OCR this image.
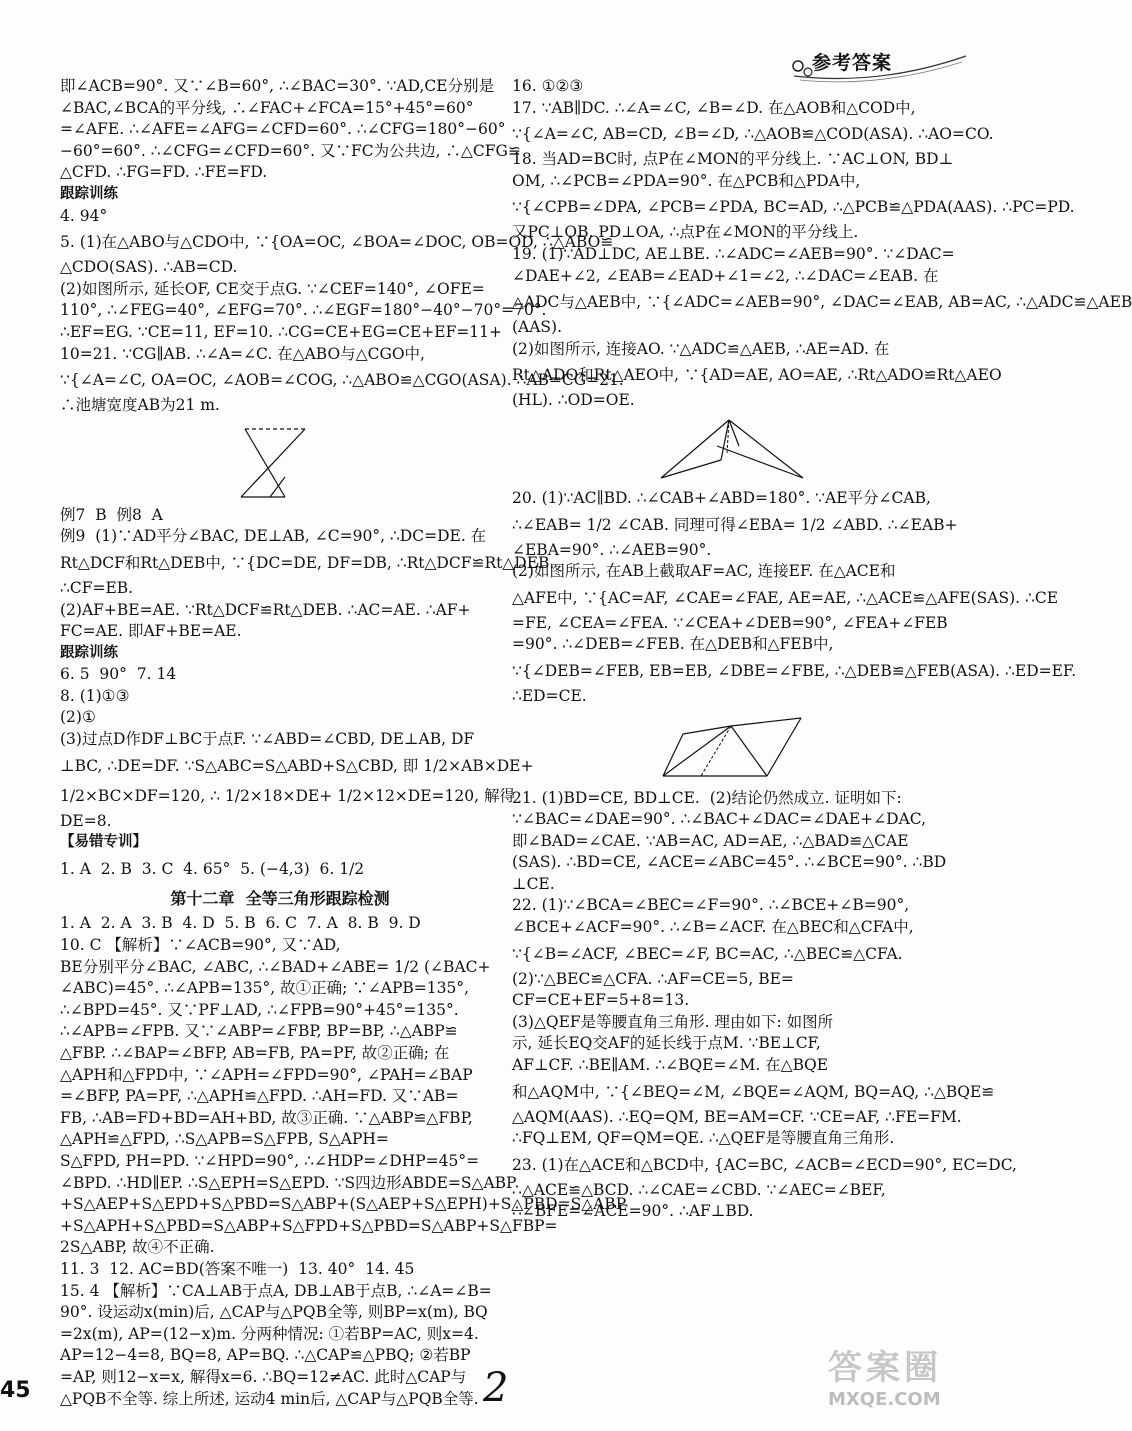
参考答案
即∠ACB=90°. 又∵∠B=60°, ∴∠BAC=30°. ∵AD,CE分别是
∠BAC,∠BCA的平分线, ∴∠FAC+∠FCA=15°+45°=60°
=∠AFE. ∴∠AFE=∠AFG=∠CFD=60°. ∴∠CFG=180°−60°
−60°=60°. ∴∠CFG=∠CFD=60°. 又∵FC为公共边, ∴△CFG≌
△CFD. ∴FG=FD. ∴FE=FD.
跟踪训练
4. 94°
5. (1)在△ABO与△CDO中, ∵{OA=OC, ∠BOA=∠DOC, OB=OD, ∴△ABO≌
△CDO(SAS). ∴AB=CD.
(2)如图所示, 延长OF, CE交于点G. ∵∠CEF=140°, ∠OFE=
110°, ∴∠FEG=40°, ∠EFG=70°. ∴∠EGF=180°−40°−70°=70°.
∴EF=EG. ∵CE=11, EF=10. ∴CG=CE+EG=CE+EF=11+
10=21. ∵CG∥AB. ∴∠A=∠C. 在△ABO与△CGO中,
∵{∠A=∠C, OA=OC, ∠AOB=∠COG, ∴△ABO≌△CGO(ASA). ∴AB=CG=21.
∴池塘宽度AB为21 m.
例7  B  例8  A
例9  (1)∵AD平分∠BAC, DE⊥AB, ∠C=90°, ∴DC=DE. 在
Rt△DCF和Rt△DEB中, ∵{DC=DE, DF=DB, ∴Rt△DCF≌Rt△DEB.
∴CF=EB.
(2)AF+BE=AE. ∵Rt△DCF≌Rt△DEB. ∴AC=AE. ∴AF+
FC=AE. 即AF+BE=AE.
跟踪训练
6. 5  90°  7. 14
8. (1)①③
(2)①
(3)过点D作DF⊥BC于点F. ∵∠ABD=∠CBD, DE⊥AB, DF
⊥BC, ∴DE=DF. ∵S△ABC=S△ABD+S△CBD, 即 1/2×AB×DE+
1/2×BC×DF=120, ∴ 1/2×18×DE+ 1/2×12×DE=120, 解得
DE=8.
【易错专训】
1. A  2. B  3. C  4. 65°  5. (−4,3)  6. 1/2
第十二章  全等三角形跟踪检测
1. A  2. A  3. B  4. D  5. B  6. C  7. A  8. B  9. D
10. C 【解析】∵∠ACB=90°, 又∵AD,
BE分别平分∠BAC, ∠ABC, ∴∠BAD+∠ABE= 1/2 (∠BAC+
∠ABC)=45°. ∴∠APB=135°, 故①正确; ∵∠APB=135°,
∴∠BPD=45°. 又∵PF⊥AD, ∴∠FPB=90°+45°=135°.
∴∠APB=∠FPB. 又∵∠ABP=∠FBP, BP=BP, ∴△ABP≌
△FBP. ∴∠BAP=∠BFP, AB=FB, PA=PF, 故②正确; 在
△APH和△FPD中, ∵∠APH=∠FPD=90°, ∠PAH=∠BAP
=∠BFP, PA=PF, ∴△APH≌△FPD. ∴AH=FD. 又∵AB=
FB, ∴AB=FD+BD=AH+BD, 故③正确. ∵△ABP≌△FBP,
△APH≌△FPD, ∴S△APB=S△FPB, S△APH=
S△FPD, PH=PD. ∵∠HPD=90°, ∴∠HDP=∠DHP=45°=
∠BPD. ∴HD∥EP. ∴S△EPH=S△EPD. ∵S四边形ABDE=S△ABP
+S△AEP+S△EPD+S△PBD=S△ABP+(S△AEP+S△EPH)+S△PBD=S△ABP
+S△APH+S△PBD=S△ABP+S△FPD+S△PBD=S△ABP+S△FBP=
2S△ABP, 故④不正确.
11. 3  12. AC=BD(答案不唯一)  13. 40°  14. 45
15. 4 【解析】∵CA⊥AB于点A, DB⊥AB于点B, ∴∠A=∠B=
90°. 设运动x(min)后, △CAP与△PQB全等, 则BP=x(m), BQ
=2x(m), AP=(12−x)m. 分两种情况: ①若BP=AC, 则x=4.
AP=12−4=8, BQ=8, AP=BQ. ∴△CAP≌△PBQ; ②若BP
=AP, 则12−x=x, 解得x=6. ∴BQ=12≠AC. 此时△CAP与
△PQB不全等. 综上所述, 运动4 min后, △CAP与△PQB全等.
16. ①②③
17. ∵AB∥DC. ∴∠A=∠C, ∠B=∠D. 在△AOB和△COD中,
∵{∠A=∠C, AB=CD, ∠B=∠D, ∴△AOB≌△COD(ASA). ∴AO=CO.
18. 当AD=BC时, 点P在∠MON的平分线上. ∵AC⊥ON, BD⊥
OM, ∴∠PCB=∠PDA=90°. 在△PCB和△PDA中,
∵{∠CPB=∠DPA, ∠PCB=∠PDA, BC=AD, ∴△PCB≌△PDA(AAS). ∴PC=PD.
又PC⊥OB, PD⊥OA, ∴点P在∠MON的平分线上.
19. (1)∵AD⊥DC, AE⊥BE. ∴∠ADC=∠AEB=90°. ∵∠DAC=
∠DAE+∠2, ∠EAB=∠EAD+∠1=∠2, ∴∠DAC=∠EAB. 在
△ADC与△AEB中, ∵{∠ADC=∠AEB=90°, ∠DAC=∠EAB, AB=AC, ∴△ADC≌△AEB
(AAS).
(2)如图所示, 连接AO. ∵△ADC≌△AEB, ∴AE=AD. 在
Rt△ADO和Rt△AEO中, ∵{AD=AE, AO=AE, ∴Rt△ADO≌Rt△AEO
(HL). ∴OD=OE.
20. (1)∵AC∥BD. ∴∠CAB+∠ABD=180°. ∵AE平分∠CAB,
∴∠EAB= 1/2 ∠CAB. 同理可得∠EBA= 1/2 ∠ABD. ∴∠EAB+
∠EBA=90°. ∴∠AEB=90°.
(2)如图所示, 在AB上截取AF=AC, 连接EF. 在△ACE和
△AFE中, ∵{AC=AF, ∠CAE=∠FAE, AE=AE, ∴△ACE≌△AFE(SAS). ∴CE
=FE, ∠CEA=∠FEA. ∵∠CEA+∠DEB=90°, ∠FEA+∠FEB
=90°. ∴∠DEB=∠FEB. 在△DEB和△FEB中,
∵{∠DEB=∠FEB, EB=EB, ∠DBE=∠FBE, ∴△DEB≌△FEB(ASA). ∴ED=EF.
∴ED=CE.
21. (1)BD=CE, BD⊥CE.  (2)结论仍然成立. 证明如下:
∵∠BAC=∠DAE=90°. ∴∠BAC+∠DAC=∠DAE+∠DAC,
即∠BAD=∠CAE. ∵AB=AC, AD=AE, ∴△BAD≌△CAE
(SAS). ∴BD=CE, ∠ACE=∠ABC=45°. ∴∠BCE=90°. ∴BD
⊥CE.
22. (1)∵∠BCA=∠BEC=∠F=90°. ∴∠BCE+∠B=90°,
∠BCE+∠ACF=90°. ∴∠B=∠ACF. 在△BEC和△CFA中,
∵{∠B=∠ACF, ∠BEC=∠F, BC=AC, ∴△BEC≌△CFA.
(2)∵△BEC≌△CFA. ∴AF=CE=5, BE=
CF=CE+EF=5+8=13.
(3)△QEF是等腰直角三角形. 理由如下: 如图所
示, 延长EQ交AF的延长线于点M. ∵BE⊥CF,
AF⊥CF. ∴BE∥AM. ∴∠BQE=∠M. 在△BQE
和△AQM中, ∵{∠BEQ=∠M, ∠BQE=∠AQM, BQ=AQ, ∴△BQE≌
△AQM(AAS). ∴EQ=QM, BE=AM=CF. ∵CE=AF, ∴FE=FM.
∴FQ⊥EM, QF=QM=QE. ∴△QEF是等腰直角三角形.
23. (1)在△ACE和△BCD中, {AC=BC, ∠ACB=∠ECD=90°, EC=DC,
∴△ACE≌△BCD. ∴∠CAE=∠CBD. ∵∠AEC=∠BEF,
∴∠BFE=∠ACE=90°. ∴AF⊥BD.
45	2	答案圈
MXQE.COM
